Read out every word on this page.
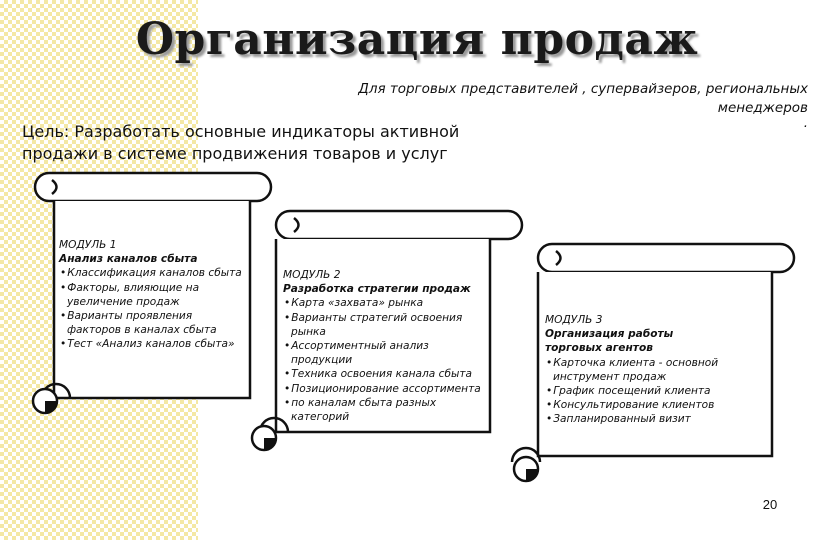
Организация продаж
Для торговых представителей , супервайзеров, региональных
менеджеров
.
Цель: Разработать основные индикаторы активной
продажи в системе продвижения товаров и услуг
МОДУЛЬ 1
Анализ каналов сбыта
• Классификация каналов сбыта
• Факторы, влияющие на увеличение продаж
• Варианты проявления факторов в каналах сбыта
• Тест «Анализ каналов сбыта»
МОДУЛЬ 2
Разработка стратегии продаж
• Карта «захвата» рынка
• Варианты стратегий освоения рынка
• Ассортиментный анализ продукции
• Техника освоения канала сбыта
• Позиционирование ассортимента
• по каналам сбыта разных категорий
МОДУЛЬ 3
Организация работы торговых агентов
• Карточка клиента - основной инструмент продаж
• График посещений клиента
• Консультирование клиентов
• Запланированный визит
20
